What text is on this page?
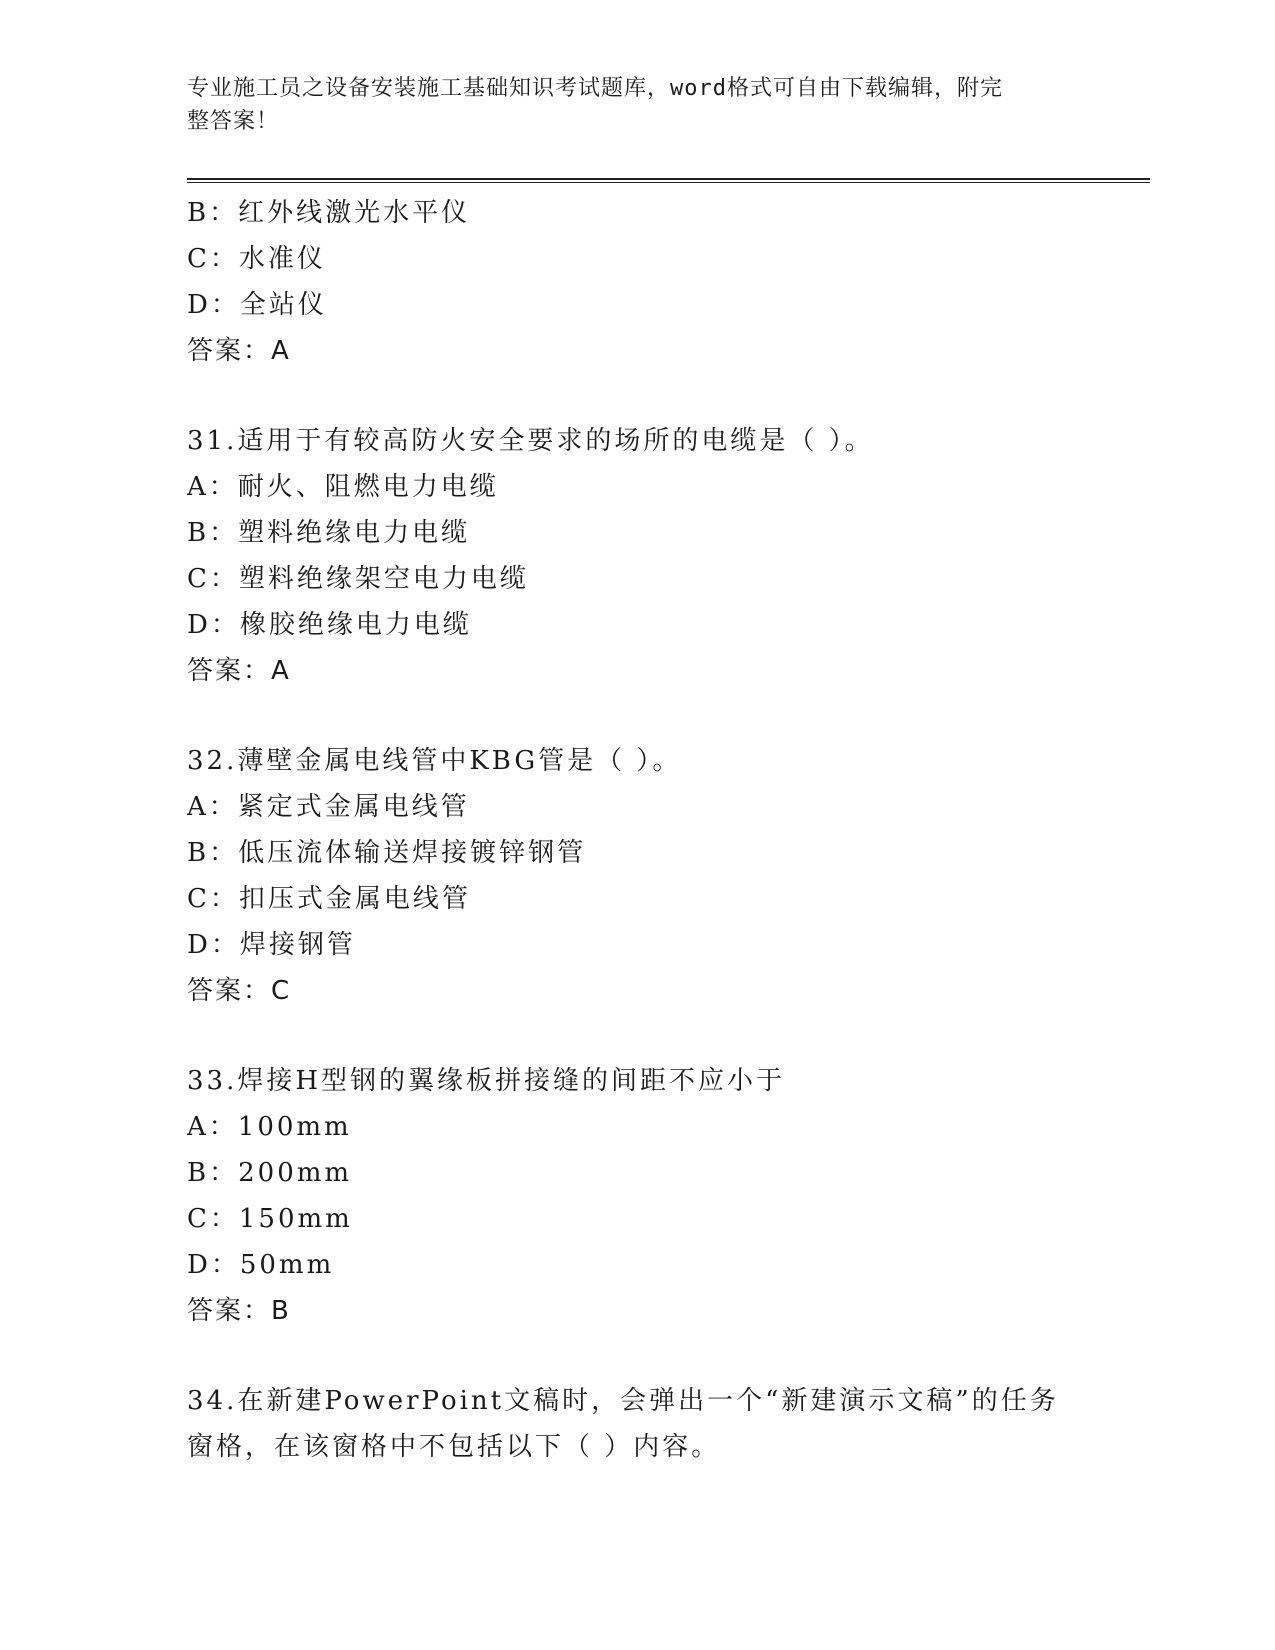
专业施工员之设备安装施工基础知识考试题库，word格式可自由下载编辑，附完
整答案！
B：红外线激光水平仪
C：水准仪
D：全站仪
答案：A
31.适用于有较高防火安全要求的场所的电缆是（ ）。
A：耐火、阻燃电力电缆
B：塑料绝缘电力电缆
C：塑料绝缘架空电力电缆
D：橡胶绝缘电力电缆
答案：A
32.薄壁金属电线管中KBG管是（ ）。
A：紧定式金属电线管
B：低压流体输送焊接镀锌钢管
C：扣压式金属电线管
D：焊接钢管
答案：C
33.焊接H型钢的翼缘板拼接缝的间距不应小于
A：100mm
B：200mm
C：150mm
D：50mm
答案：B
34.在新建PowerPoint文稿时，会弹出一个“新建演示文稿”的任务
窗格，在该窗格中不包括以下（ ）内容。
